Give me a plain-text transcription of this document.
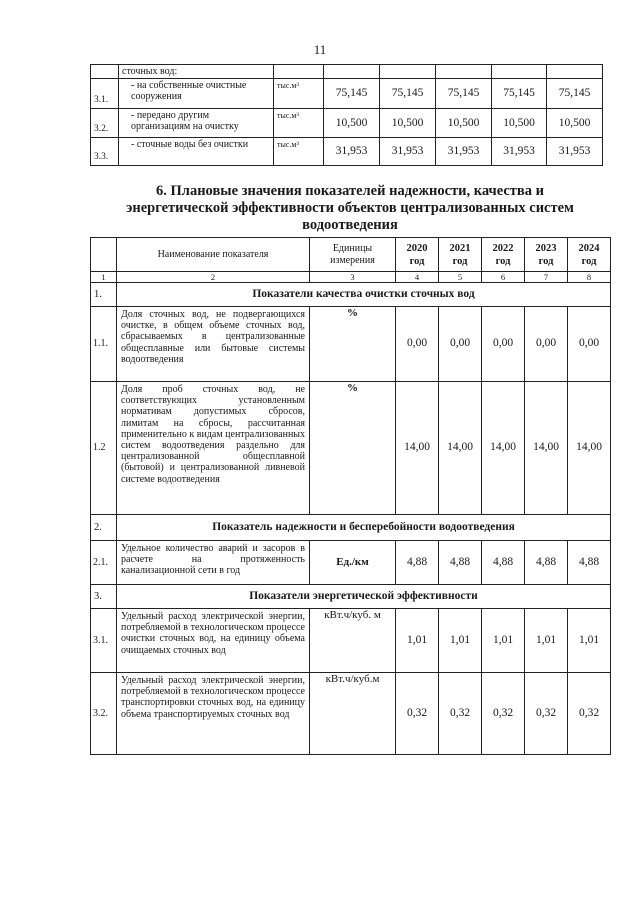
11
	сточных вод:						
3.1.	- на собственные очистные сооружения	тыс.м³	75,145	75,145	75,145	75,145	75,145
3.2.	- передано другим организациям на очистку	тыс.м³	10,500	10,500	10,500	10,500	10,500
3.3.	- сточные воды без очистки	тыс.м³	31,953	31,953	31,953	31,953	31,953
6. Плановые значения показателей надежности, качества и энергетической эффективности объектов централизованных систем водоотведения
	Наименование показателя	Единицы измерения	2020 год	2021 год	2022 год	2023 год	2024 год
1	2	3	4	5	6	7	8
1.	Показатели качества очистки сточных вод						
1.1.	Доля сточных вод, не подвергающихся очистке, в общем объеме сточных вод, сбрасываемых в централизованные общесплавные или бытовые системы водоотведения	%	0,00	0,00	0,00	0,00	0,00
1.2	Доля проб сточных вод, не соответствующих установленным нормативам допустимых сбросов, лимитам на сбросы, рассчитанная применительно к видам централизованных систем водоотведения раздельно для централизованной общесплавной (бытовой) и централизованной ливневой системе водоотведения	%	14,00	14,00	14,00	14,00	14,00
2.	Показатель надежности и бесперебойности водоотведения						
2.1.	Удельное количество аварий и засоров в расчете на протяженность канализационной сети в год	Ед./км	4,88	4,88	4,88	4,88	4,88
3.	Показатели энергетической эффективности						
3.1.	Удельный расход электрической энергии, потребляемой в технологическом процессе очистки сточных вод, на единицу объема очищаемых сточных вод	кВт.ч/куб. м	1,01	1,01	1,01	1,01	1,01
3.2.	Удельный расход электрической энергии, потребляемой в технологическом процессе транспортировки сточных вод, на единицу объема транспортируемых сточных вод	кВт.ч/куб.м	0,32	0,32	0,32	0,32	0,32
